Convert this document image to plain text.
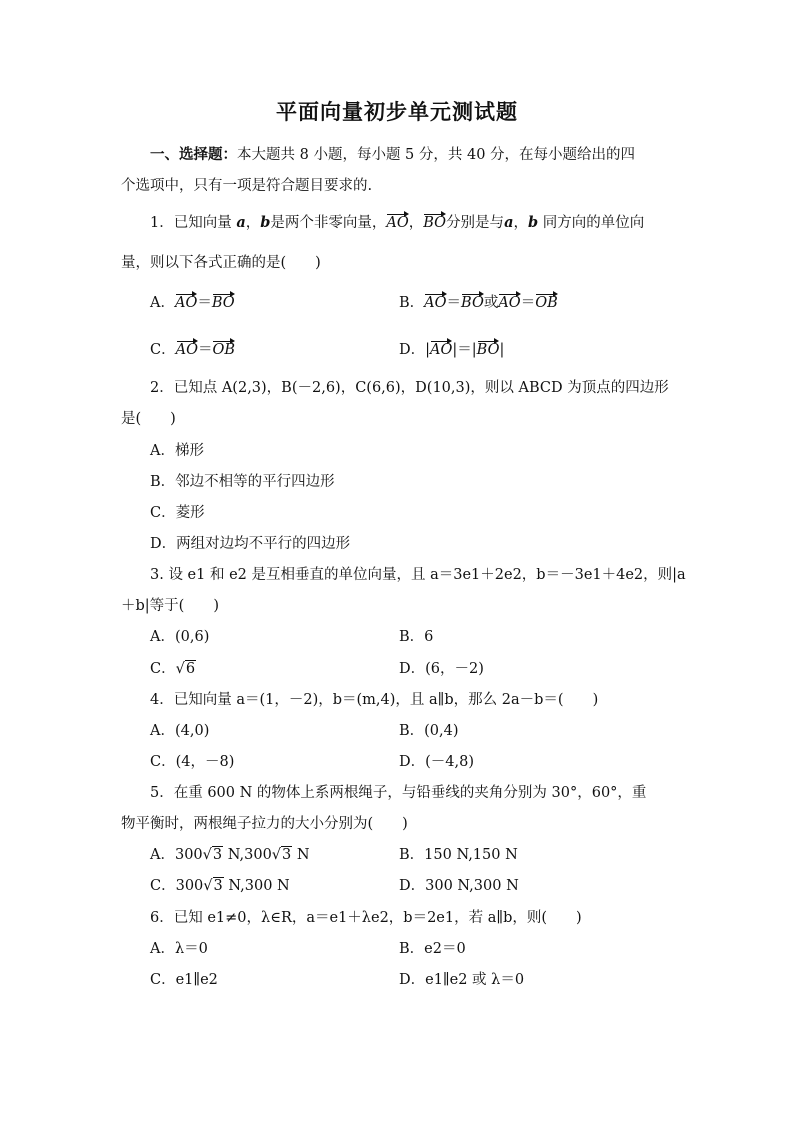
平面向量初步单元测试题
一、选择题：本大题共 8 小题，每小题 5 分，共 40 分，在每小题给出的四
个选项中，只有一项是符合题目要求的.
1．已知向量 a，b是两个非零向量，AO，BO分别是与a，b 同方向的单位向
量，则以下各式正确的是(　　)
A．AO＝BO	B．AO＝BO或AO＝OB
C．AO＝OB	D．|AO|＝|BO|
2．已知点 A(2,3)，B(－2,6)，C(6,6)，D(10,3)，则以 ABCD 为顶点的四边形
是(　　)
A．梯形
B．邻边不相等的平行四边形
C．菱形
D．两组对边均不平行的四边形
3. 设 e1 和 e2 是互相垂直的单位向量，且 a＝3e1＋2e2，b＝－3e1＋4e2，则|a
＋b|等于(　　)
A．(0,6)	B．6
C．√6	D．(6，－2)
4．已知向量 a＝(1，－2)，b＝(m,4)，且 a∥b，那么 2a－b＝(　　)
A．(4,0)	B．(0,4)
C．(4，－8)	D．(－4,8)
5．在重 600 N 的物体上系两根绳子，与铅垂线的夹角分别为 30°，60°，重
物平衡时，两根绳子拉力的大小分别为(　　)
A．300√3 N,300√3 N	B．150 N,150 N
C．300√3 N,300 N	D．300 N,300 N
6．已知 e1≠0，λ∈R，a＝e1＋λe2，b＝2e1，若 a∥b，则(　　)
A．λ＝0	B．e2＝0
C．e1∥e2	D．e1∥e2 或 λ＝0
